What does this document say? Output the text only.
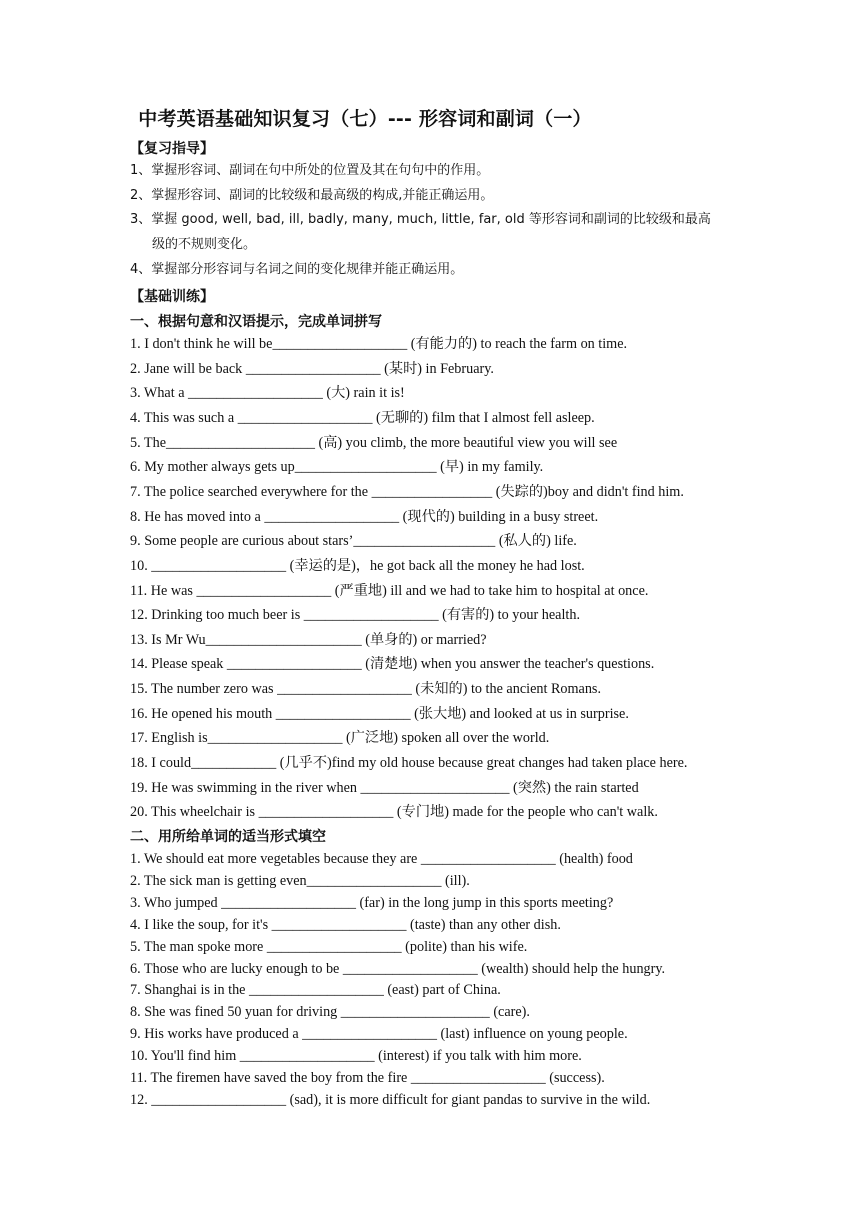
中考英语基础知识复习（七）--- 形容词和副词（一）
【复习指导】
1、掌握形容词、副词在句中所处的位置及其在句句中的作用。
2、掌握形容词、副词的比较级和最高级的构成,并能正确运用。
3、掌握 good, well, bad, ill, badly, many, much, little, far, old 等形容词和副词的比较级和最高
级的不规则变化。
4、掌握部分形容词与名词之间的变化规律并能正确运用。
【基础训练】
一、根据句意和汉语提示，完成单词拼写
1. I don't think he will be___________________ (有能力的) to reach the farm on time.
2. Jane will be back ___________________ (某时) in February.
3. What a ___________________ (大) rain it is!
4. This was such a ___________________ (无聊的) film that I almost fell asleep.
5. The_____________________ (高) you climb, the more beautiful view you will see
6. My mother always gets up____________________ (早) in my family.
7. The police searched everywhere for the _________________ (失踪的)boy and didn't find him.
8. He has moved into a ___________________ (现代的) building in a busy street.
9. Some people are curious about stars’____________________ (私人的) life.
10. ___________________ (幸运的是)，he got back all the money he had lost.
11. He was ___________________ (严重地) ill and we had to take him to hospital at once.
12. Drinking too much beer is ___________________ (有害的) to your health.
13. Is Mr Wu______________________ (单身的) or married?
14. Please speak ___________________ (清楚地) when you answer the teacher's questions.
15. The number zero was ___________________ (未知的) to the ancient Romans.
16. He opened his mouth ___________________ (张大地) and looked at us in surprise.
17. English is___________________ (广泛地) spoken all over the world.
18. I could____________ (几乎不)find my old house because great changes had taken place here.
19. He was swimming in the river when _____________________ (突然) the rain started
20. This wheelchair is ___________________ (专门地) made for the people who can't walk.
二、用所给单词的适当形式填空
1. We should eat more vegetables because they are ___________________ (health) food
2. The sick man is getting even___________________ (ill).
3. Who jumped ___________________ (far) in the long jump in this sports meeting?
4. I like the soup, for it's ___________________ (taste) than any other dish.
5. The man spoke more ___________________ (polite) than his wife.
6. Those who are lucky enough to be ___________________ (wealth) should help the hungry.
7. Shanghai is in the ___________________ (east) part of China.
8. She was fined 50 yuan for driving _____________________ (care).
9. His works have produced a ___________________ (last) influence on young people.
10. You'll find him ___________________ (interest) if you talk with him more.
11. The firemen have saved the boy from the fire ___________________ (success).
12. ___________________ (sad), it is more difficult for giant pandas to survive in the wild.
